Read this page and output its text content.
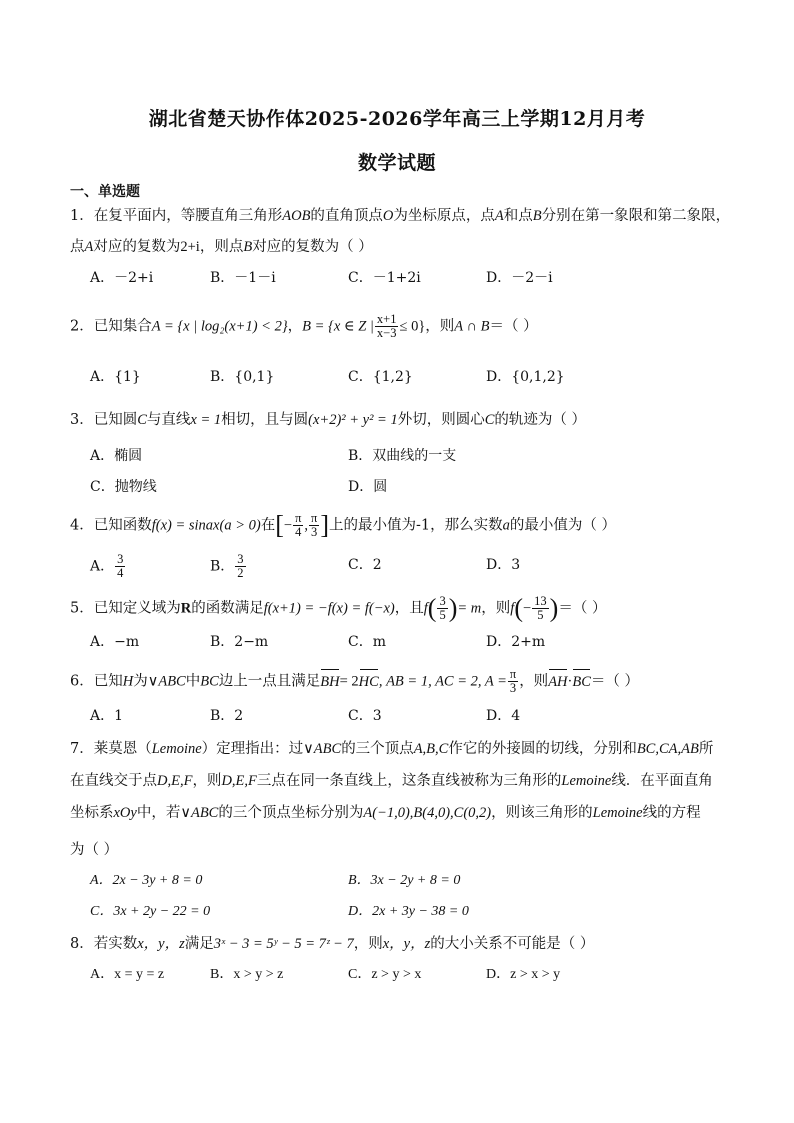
湖北省楚天协作体2025-2026学年高三上学期12月月考
数学试题
一、单选题
1．在复平面内，等腰直角三角形AOB的直角顶点O为坐标原点，点A和点B分别在第一象限和第二象限，
点A对应的复数为2+i，则点B对应的复数为（ ）
A．－2+i	B．－1－i	C．－1+2i	D．－2－i
2．已知集合A = {x | log₂(x+1) < 2}，B = {x ∈ Z | $\frac{x+1}{x-3} \le 0$}，则A ∩ B＝（ ）
A．{1}	B．{0,1}	C．{1,2}	D．{0,1,2}
3．已知圆C与直线x = 1相切，且与圆(x+2)² + y² = 1外切，则圆心C的轨迹为（ ）
A．椭圆	B．双曲线的一支
C．抛物线	D．圆
4．已知函数f(x) = sinax(a > 0)在[− $\frac{\pi}{4}$ , $\frac{\pi}{3}$ ]上的最小值为-1，那么实数a的最小值为（ ）
A． $\frac{3}{4}$	B． $\frac{3}{2}$	C．2	D．3
5．已知定义域为R的函数满足f(x+1) = −f(x) = f(−x)，且$f( \frac{3}{5}$ )= m，则$f(- \frac{13}{5}$ )＝（ ）
A．−m	B．2−m	C．m	D．2+m
6．已知H为∨ABC中BC边上一点且满足BH= 2HC, AB = 1, AC = 2, $A = \frac{\pi}{3}$ ，则AH·BC＝（ ）
A．1	B．2	C．3	D．4
7．莱莫恩（Lemoine）定理指出：过∨ABC的三个顶点A,B,C作它的外接圆的切线，分别和BC,CA,AB所
在直线交于点D,E,F，则D,E,F三点在同一条直线上，这条直线被称为三角形的Lemoine线．在平面直角
坐标系xOy中，若∨ABC的三个顶点坐标分别为A(−1,0),B(4,0),C(0,2)，则该三角形的Lemoine线的方程
为（ ）
A．2x − 3y + 8 = 0	B．3x − 2y + 8 = 0
C．3x + 2y − 22 = 0	D．2x + 3y − 38 = 0
8．若实数x，y，z满足3ˣ − 3 = 5ʸ − 5 = 7ᶻ − 7，则x，y，z的大小关系不可能是（ ）
A．x = y = z	B．x > y > z	C．z > y > x	D．z > x > y
